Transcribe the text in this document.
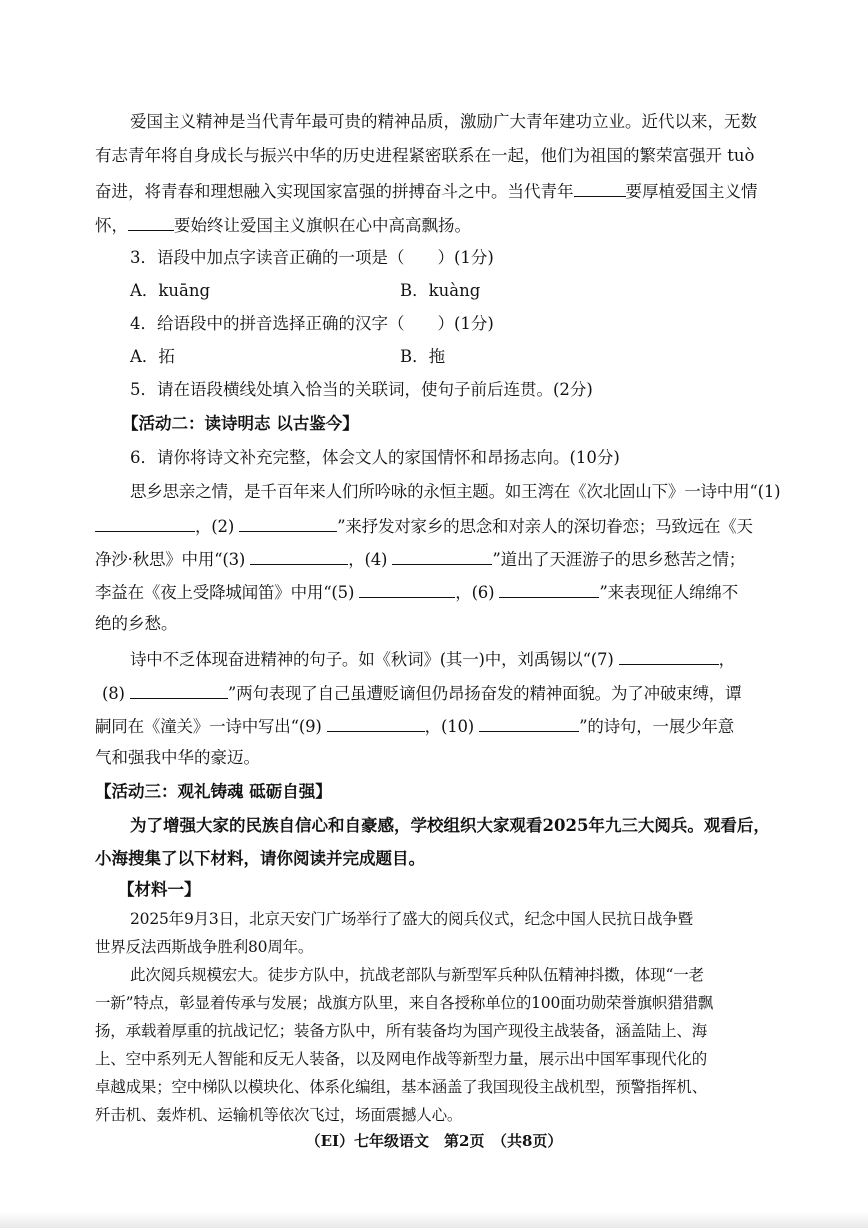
爱国主义精神是当代青年最可贵的精神品质，激励广大青年建功立业。近代以来，无数
有志青年将自身成长与振兴中华的历史进程紧密联系在一起，他们为祖国的繁荣富强开 tuò
奋进，将青春和理想融入实现国家富强的拼搏奋斗之中。当代青年	要厚植爱国主义情
怀，	要始终让爱国主义旗帜在心中高高飘扬。
3．语段中加点字读音正确的一项是（　　）(1分)
A．kuāng	B．kuàng
4．给语段中的拼音选择正确的汉字（　　）(1分)
A．拓	B．拖
5．请在语段横线处填入恰当的关联词，使句子前后连贯。(2分)
【活动二：读诗明志 以古鉴今】
6．请你将诗文补充完整，体会文人的家国情怀和昂扬志向。(10分)
思乡思亲之情，是千百年来人们所吟咏的永恒主题。如王湾在《次北固山下》一诗中用“(1)
，(2)	”来抒发对家乡的思念和对亲人的深切眷恋；马致远在《天
净沙·秋思》中用“(3)	，(4)	”道出了天涯游子的思乡愁苦之情；
李益在《夜上受降城闻笛》中用“(5)	，(6)	”来表现征人绵绵不
绝的乡愁。
诗中不乏体现奋进精神的句子。如《秋词》(其一)中，刘禹锡以“(7)	，
(8)	”两句表现了自己虽遭贬谪但仍昂扬奋发的精神面貌。为了冲破束缚，谭
嗣同在《潼关》一诗中写出“(9)	，(10)	”的诗句，一展少年意
气和强我中华的豪迈。
【活动三：观礼铸魂 砥砺自强】
为了增强大家的民族自信心和自豪感，学校组织大家观看2025年九三大阅兵。观看后，
小海搜集了以下材料，请你阅读并完成题目。
【材料一】
2025年9月3日，北京天安门广场举行了盛大的阅兵仪式，纪念中国人民抗日战争暨
世界反法西斯战争胜利80周年。
此次阅兵规模宏大。徒步方队中，抗战老部队与新型军兵种队伍精神抖擞，体现“一老
一新”特点，彰显着传承与发展；战旗方队里，来自各授称单位的100面功勋荣誉旗帜猎猎飘
扬，承载着厚重的抗战记忆；装备方队中，所有装备均为国产现役主战装备，涵盖陆上、海
上、空中系列无人智能和反无人装备，以及网电作战等新型力量，展示出中国军事现代化的
卓越成果；空中梯队以模块化、体系化编组，基本涵盖了我国现役主战机型，预警指挥机、
歼击机、轰炸机、运输机等依次飞过，场面震撼人心。
（EI）七年级语文　第2页　（共8页）
